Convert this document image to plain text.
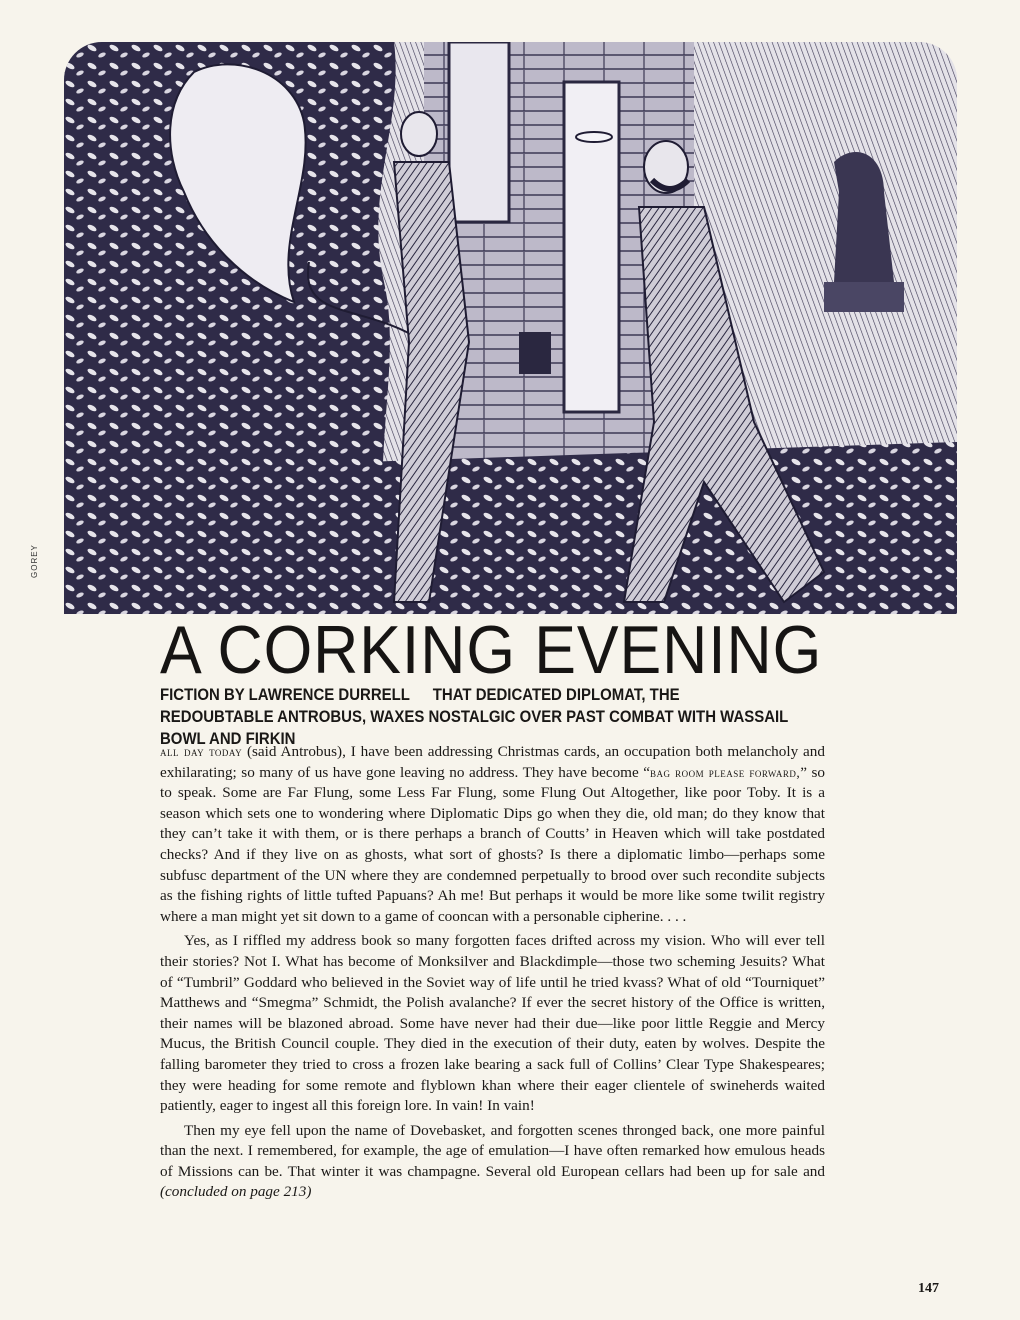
GOREY
A CORKING EVENING

FICTION BY LAWRENCE DURRELL THAT DEDICATED DIPLOMAT, THE REDOUBTABLE ANTROBUS, WAXES NOSTALGIC OVER PAST COMBAT WITH WASSAIL BOWL AND FIRKIN

all day today (said Antrobus), I have been addressing Christmas cards, an occupation both melancholy and exhilarating; so many of us have gone leaving no address. They have become “bag room please forward,” so to speak. Some are Far Flung, some Less Far Flung, some Flung Out Altogether, like poor Toby. It is a season which sets one to wondering where Diplomatic Dips go when they die, old man; do they know that they can’t take it with them, or is there perhaps a branch of Coutts’ in Heaven which will take postdated checks? And if they live on as ghosts, what sort of ghosts? Is there a diplomatic limbo—perhaps some subfusc department of the UN where they are condemned perpetually to brood over such recondite subjects as the fishing rights of little tufted Papuans? Ah me! But perhaps it would be more like some twilit registry where a man might yet sit down to a game of cooncan with a personable cipherine. . . .

Yes, as I riffled my address book so many forgotten faces drifted across my vision. Who will ever tell their stories? Not I. What has become of Monksilver and Blackdimple—those two scheming Jesuits? What of “Tumbril” Goddard who believed in the Soviet way of life until he tried kvass? What of old “Tourniquet” Matthews and “Smegma” Schmidt, the Polish avalanche? If ever the secret history of the Office is written, their names will be blazoned abroad. Some have never had their due—like poor little Reggie and Mercy Mucus, the British Council couple. They died in the execution of their duty, eaten by wolves. Despite the falling barometer they tried to cross a frozen lake bearing a sack full of Collins’ Clear Type Shakespeares; they were heading for some remote and flyblown khan where their eager clientele of swineherds waited patiently, eager to ingest all this foreign lore. In vain! In vain!

Then my eye fell upon the name of Dovebasket, and forgotten scenes thronged back, one more painful than the next. I remembered, for example, the age of emulation—I have often remarked how emulous heads of Missions can be. That winter it was champagne. Several old European cellars had been up for sale and (concluded on page 213)

147
